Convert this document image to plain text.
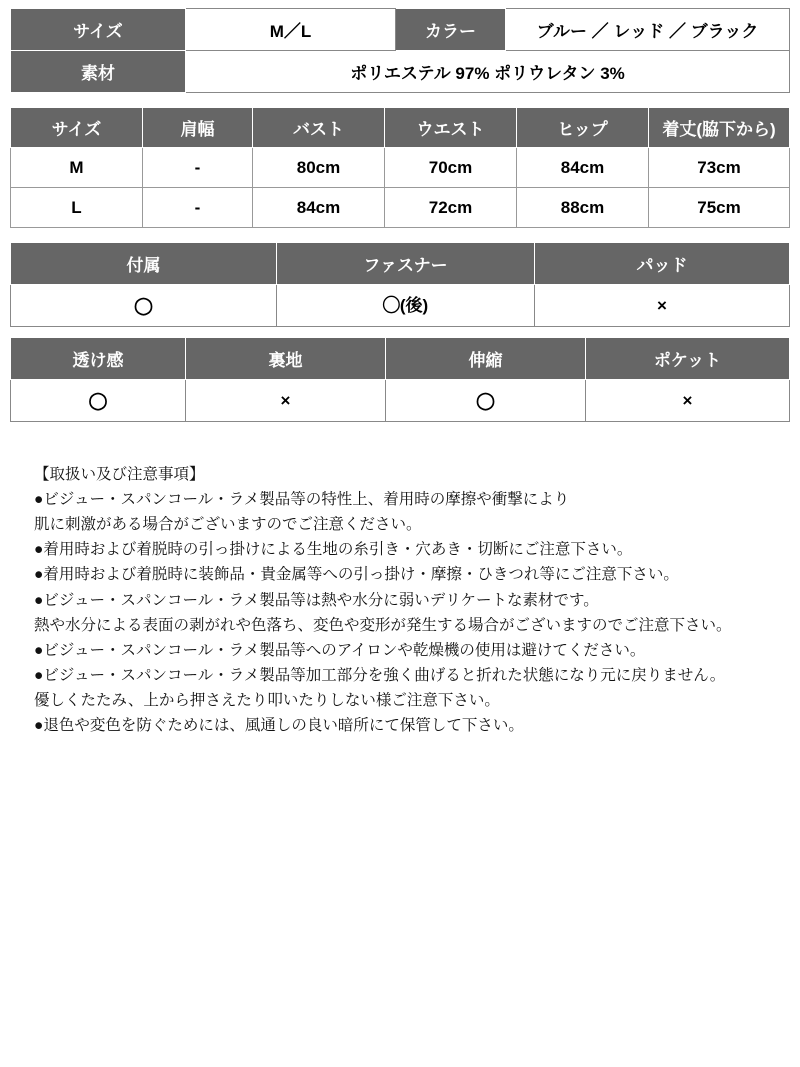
サイズ	M／L	カラー	ブルー ／ レッド ／ ブラック
素材	ポリエステル 97% ポリウレタン 3%		
サイズ	肩幅	バスト	ウエスト	ヒップ	着丈(脇下から)
M	-	80cm	70cm	84cm	73cm
L	-	84cm	72cm	88cm	75cm
付属	ファスナー	パッド
◯	◯(後)	×
透け感	裏地	伸縮	ポケット
◯	×	◯	×

【取扱い及び注意事項】

●ビジュー・スパンコール・ラメ製品等の特性上、着用時の摩擦や衝撃により

肌に刺激がある場合がございますのでご注意ください。

●着用時および着脱時の引っ掛けによる生地の糸引き・穴あき・切断にご注意下さい。

●着用時および着脱時に装飾品・貴金属等への引っ掛け・摩擦・ひきつれ等にご注意下さい。

●ビジュー・スパンコール・ラメ製品等は熱や水分に弱いデリケートな素材です。

熱や水分による表面の剥がれや色落ち、変色や変形が発生する場合がございますのでご注意下さい。

●ビジュー・スパンコール・ラメ製品等へのアイロンや乾燥機の使用は避けてください。

●ビジュー・スパンコール・ラメ製品等加工部分を強く曲げると折れた状態になり元に戻りません。

優しくたたみ、上から押さえたり叩いたりしない様ご注意下さい。

●退色や変色を防ぐためには、風通しの良い暗所にて保管して下さい。
